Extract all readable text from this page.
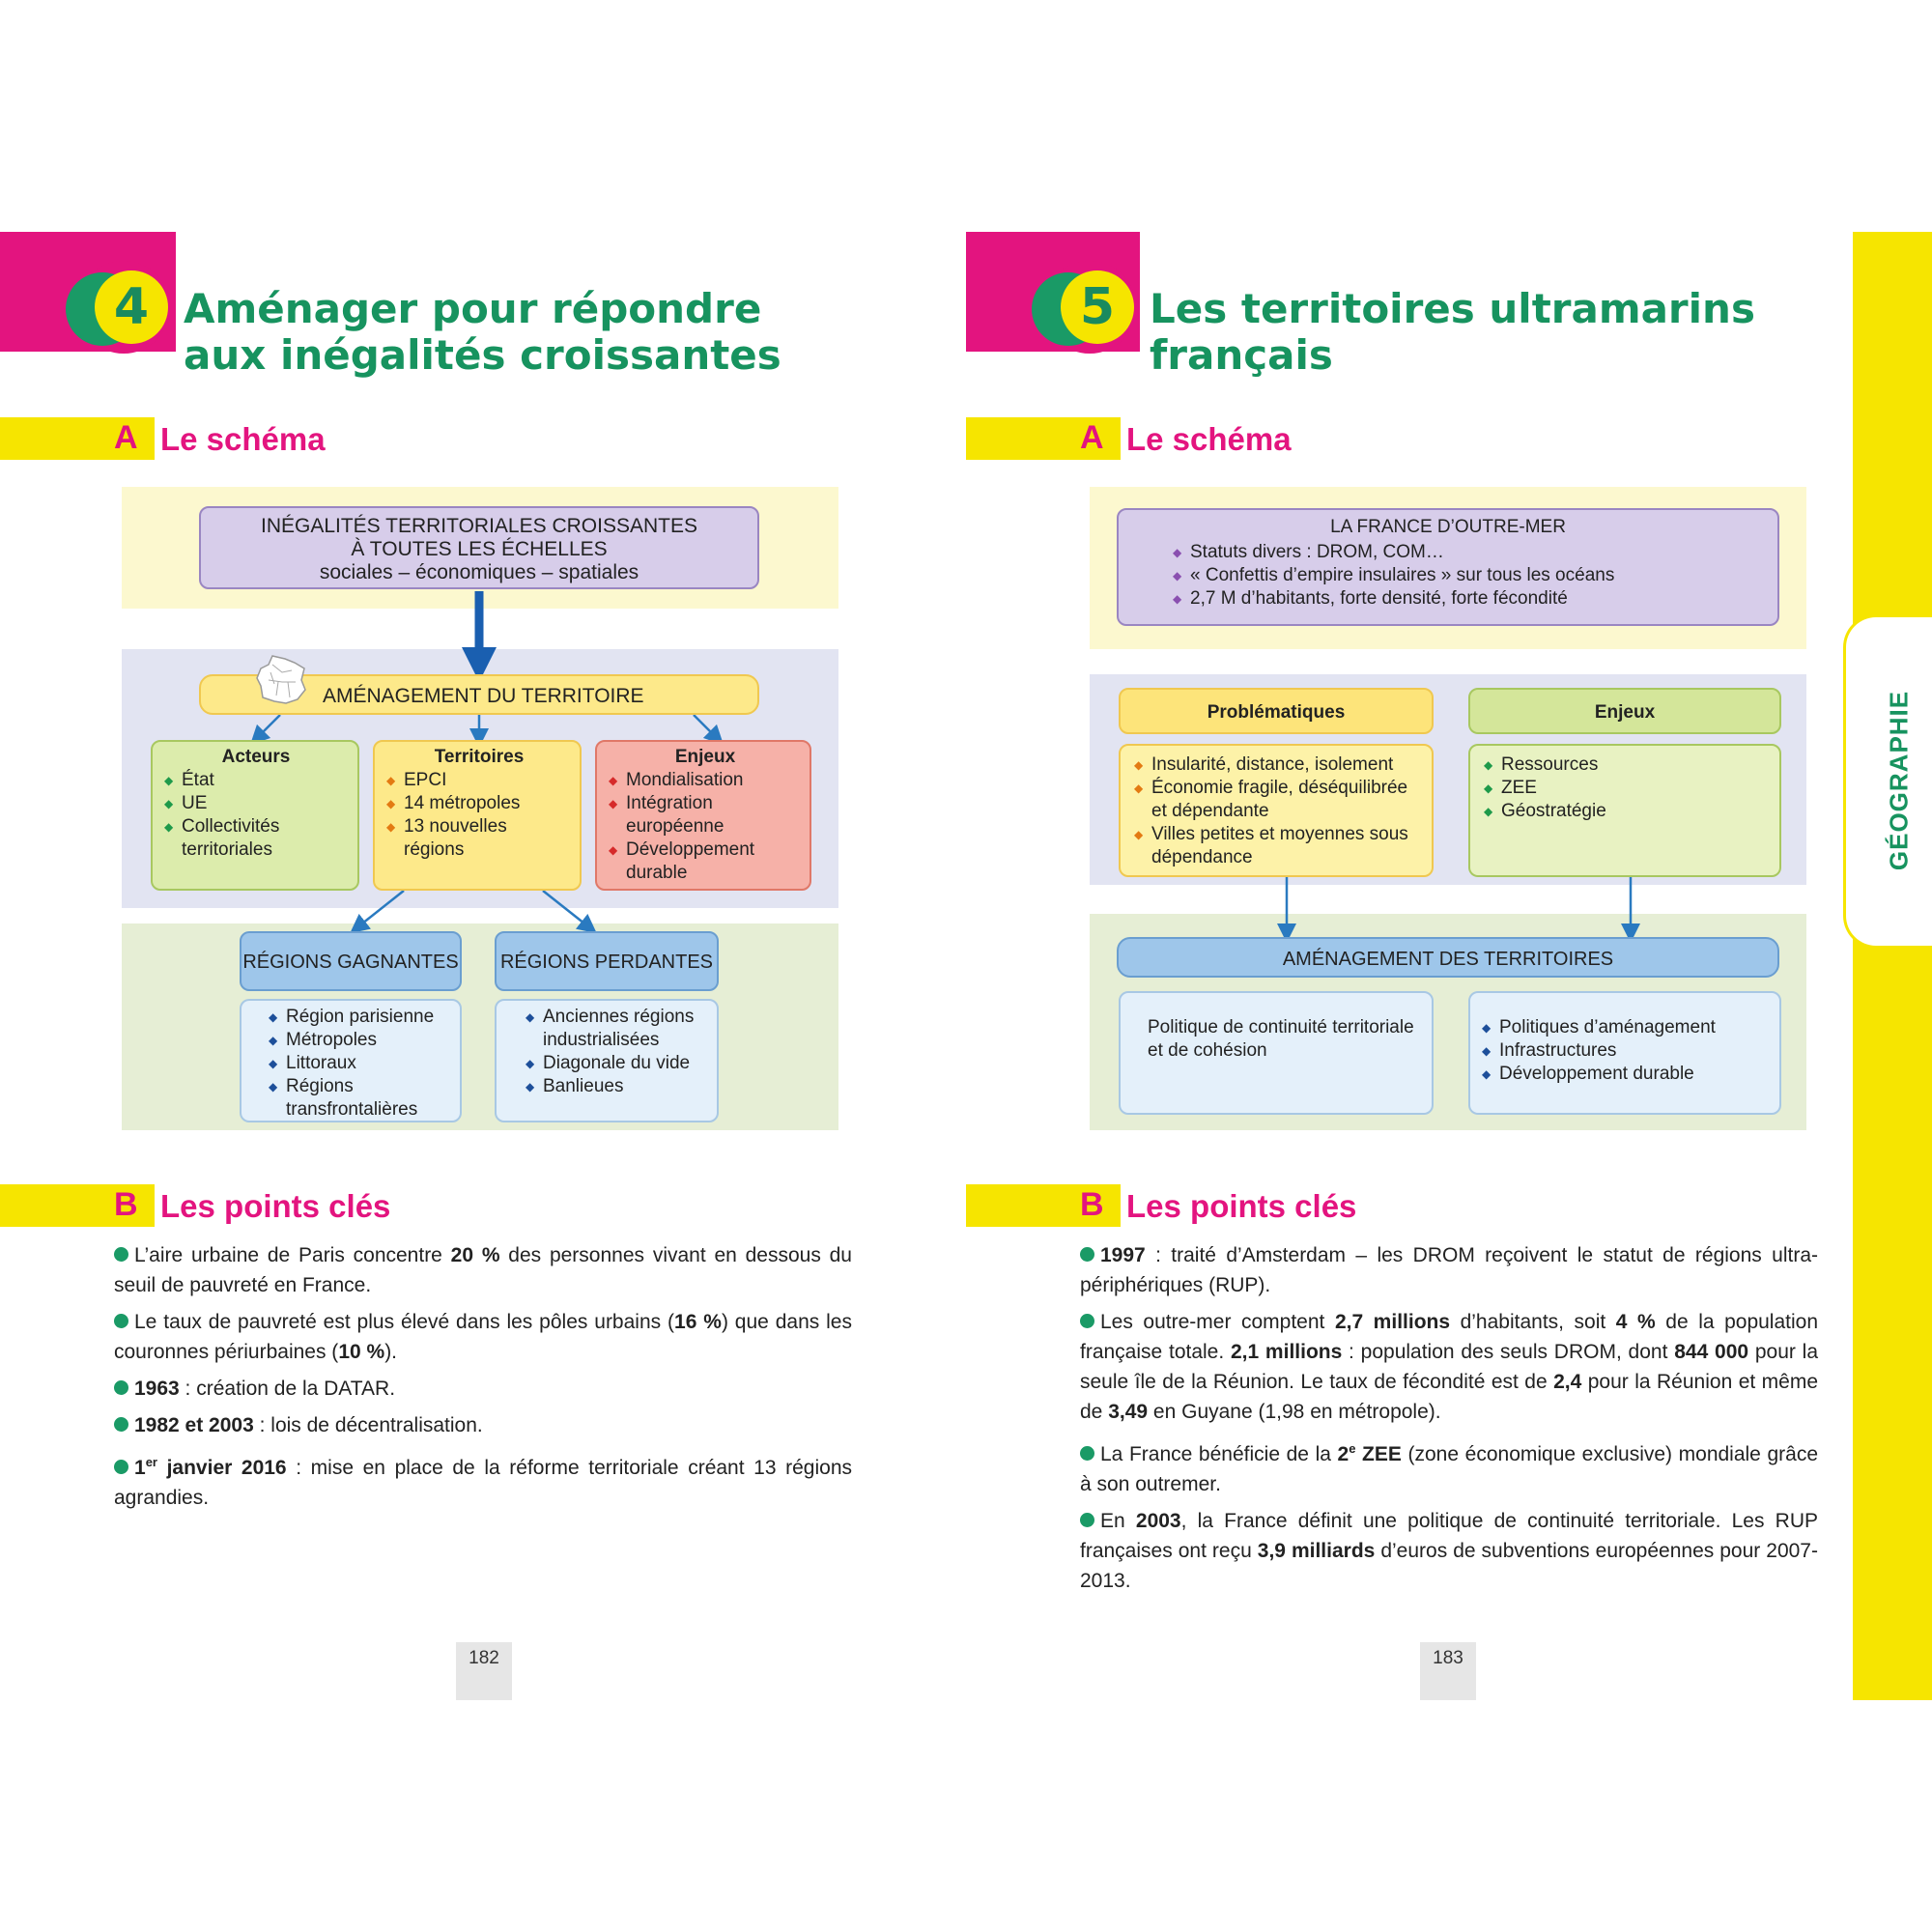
4 Aménager pour répondre
aux inégalités croissantes
A Le schéma
INÉGALITÉS TERRITORIALES CROISSANTES
À TOUTES LES ÉCHELLES
sociales – économiques – spatiales
AMÉNAGEMENT DU TERRITOIRE
Acteurs
◆ État
◆ UE
◆ Collectivités territoriales
Territoires
◆ EPCI
◆ 14 métropoles
◆ 13 nouvelles régions
Enjeux
◆ Mondialisation
◆ Intégration européenne
◆ Développement durable
RÉGIONS GAGNANTES
◆ Région parisienne
◆ Métropoles
◆ Littoraux
◆ Régions transfrontalières
RÉGIONS PERDANTES
◆ Anciennes régions industrialisées
◆ Diagonale du vide
◆ Banlieues
B Les points clés

L’aire urbaine de Paris concentre 20 % des personnes vivant en dessous du seuil de pauvreté en France.

Le taux de pauvreté est plus élevé dans les pôles urbains (16 %) que dans les couronnes périurbaines (10 %).

1963 : création de la DATAR.

1982 et 2003 : lois de décentralisation.

1er janvier 2016 : mise en place de la réforme territoriale créant 13 régions agrandies.

182
5 Les territoires ultramarins
français
A Le schéma
LA FRANCE D’OUTRE-MER
◆ Statuts divers : DROM, COM…
◆ « Confettis d’empire insulaires » sur tous les océans
◆ 2,7 M d’habitants, forte densité, forte fécondité
Problématiques
◆ Insularité, distance, isolement
◆ Économie fragile, déséquilibrée et dépendante
◆ Villes petites et moyennes sous dépendance
Enjeux
◆ Ressources
◆ ZEE
◆ Géostratégie
AMÉNAGEMENT DES TERRITOIRES
Politique de continuité territoriale et de cohésion
◆ Politiques d’aménagement
◆ Infrastructures
◆ Développement durable
B Les points clés

1997 : traité d’Amsterdam – les DROM reçoivent le statut de régions ultra-périphériques (RUP).

Les outre-mer comptent 2,7 millions d’habitants, soit 4 % de la population française totale. 2,1 millions : population des seuls DROM, dont 844 000 pour la seule île de la Réunion. Le taux de fécondité est de 2,4 pour la Réunion et même de 3,49 en Guyane (1,98 en métropole).

La France bénéficie de la 2e ZEE (zone économique exclusive) mondiale grâce à son outremer.

En 2003, la France définit une politique de continuité territoriale. Les RUP françaises ont reçu 3,9 milliards d’euros de subventions européennes pour 2007-2013.

183
GÉOGRAPHIE
